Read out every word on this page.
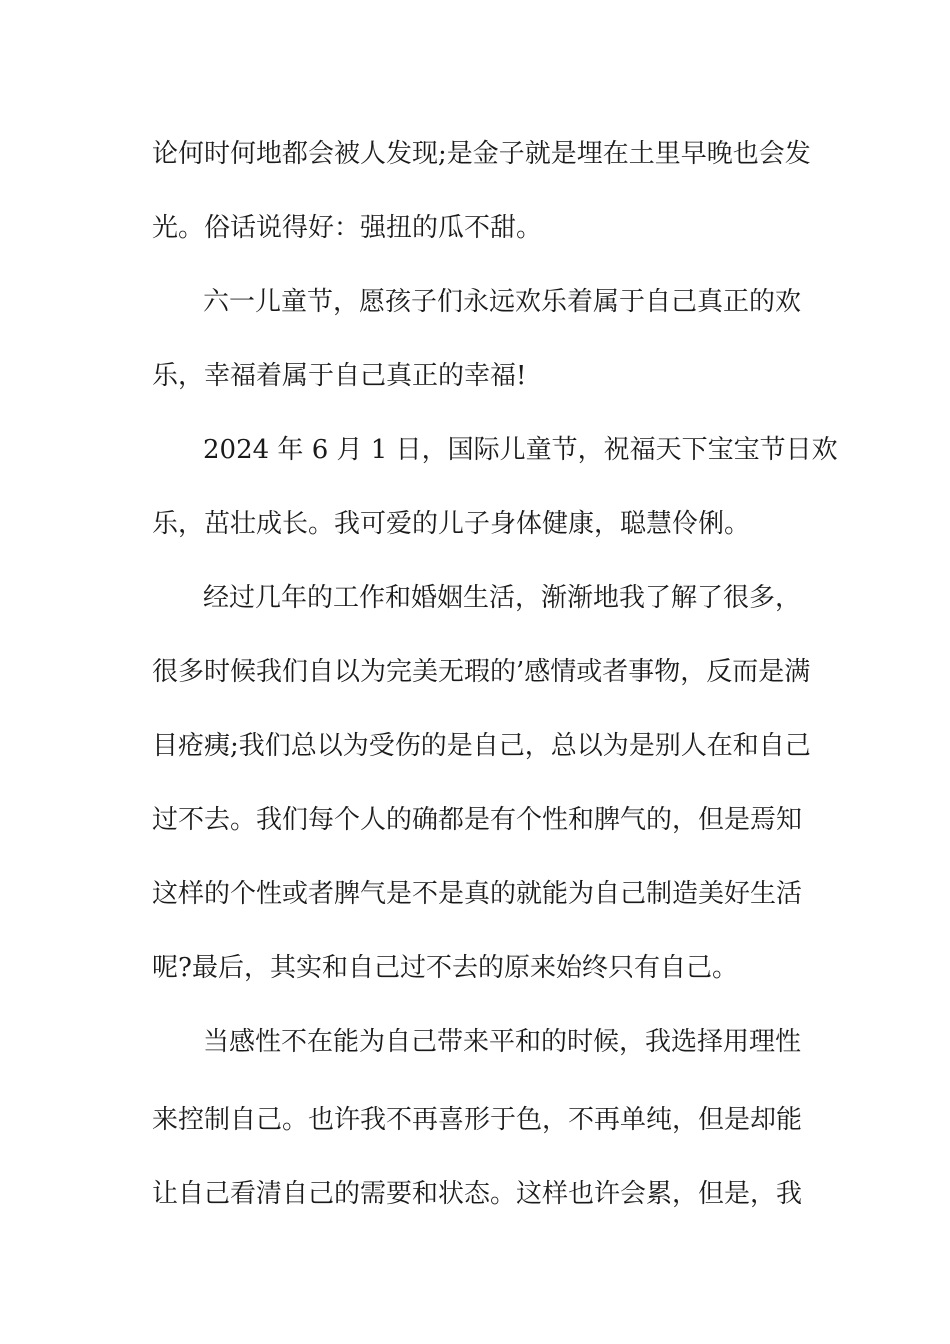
论何时何地都会被人发现;是金子就是埋在土里早晚也会发
光。俗话说得好：强扭的瓜不甜。
六一儿童节，愿孩子们永远欢乐着属于自己真正的欢
乐，幸福着属于自己真正的幸福!
2024 年 6 月 1 日，国际儿童节，祝福天下宝宝节日欢
乐，茁壮成长。我可爱的儿子身体健康，聪慧伶俐。
经过几年的工作和婚姻生活，渐渐地我了解了很多，
很多时候我们自以为完美无瑕的’感情或者事物，反而是满
目疮痍;我们总以为受伤的是自己，总以为是别人在和自己
过不去。我们每个人的确都是有个性和脾气的，但是焉知
这样的个性或者脾气是不是真的就能为自己制造美好生活
呢?最后，其实和自己过不去的原来始终只有自己。
当感性不在能为自己带来平和的时候，我选择用理性
来控制自己。也许我不再喜形于色，不再单纯，但是却能
让自己看清自己的需要和状态。这样也许会累，但是，我
